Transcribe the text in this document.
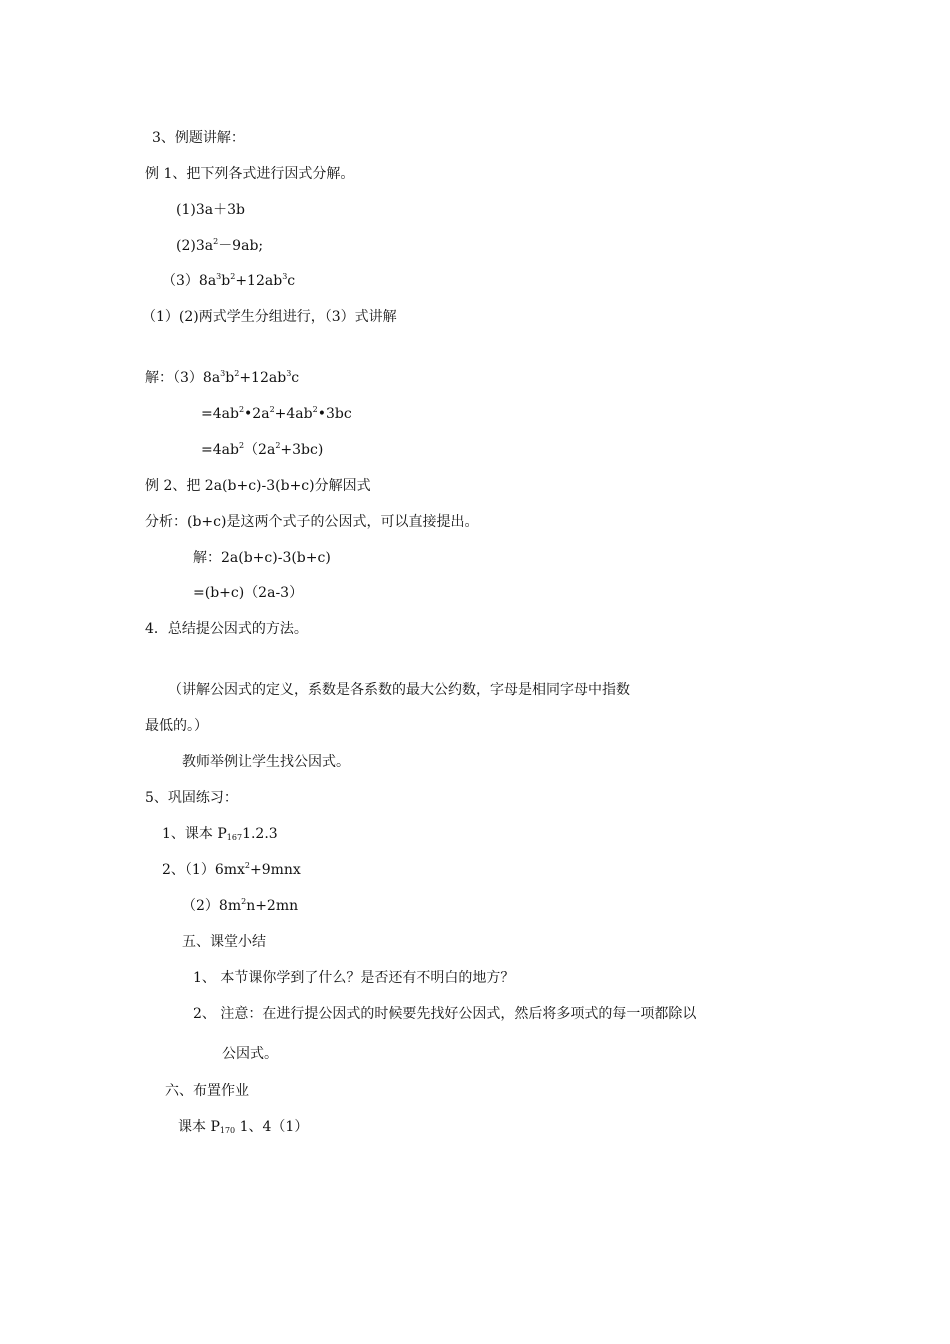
3、例题讲解：
例 1、把下列各式进行因式分解。
(1)3a＋3b
$(2)3a^2-9ab$;
$(3)8a^3b^2+12ab^3c$
（1）(2)两式学生分组进行，（3）式讲解
解：$(3)8a^3b^2+12ab^3c$
$=4ab^2•2a^2+4ab^2•3bc$
$=4ab^2(2a^2+3bc)$
例 2、把 2a(b+c)-3(b+c)分解因式
分析：(b+c)是这两个式子的公因式，可以直接提出。
解：2a(b+c)-3(b+c)
=(b+c)（2a-3）
4．总结提公因式的方法。
（讲解公因式的定义，系数是各系数的最大公约数，字母是相同字母中指数
最低的。）
教师举例让学生找公因式。
5、巩固练习：
1、课本 $P_{167}1.2.3$
2、$(1)6mx^2+9mnx$
$(2)8m^2n+2mn$
五、课堂小结
1、 本节课你学到了什么？是否还有不明白的地方？
2、 注意：在进行提公因式的时候要先找好公因式，然后将多项式的每一项都除以
公因式。
六、布置作业
课本 $P_{170}$ 1、4（1）
